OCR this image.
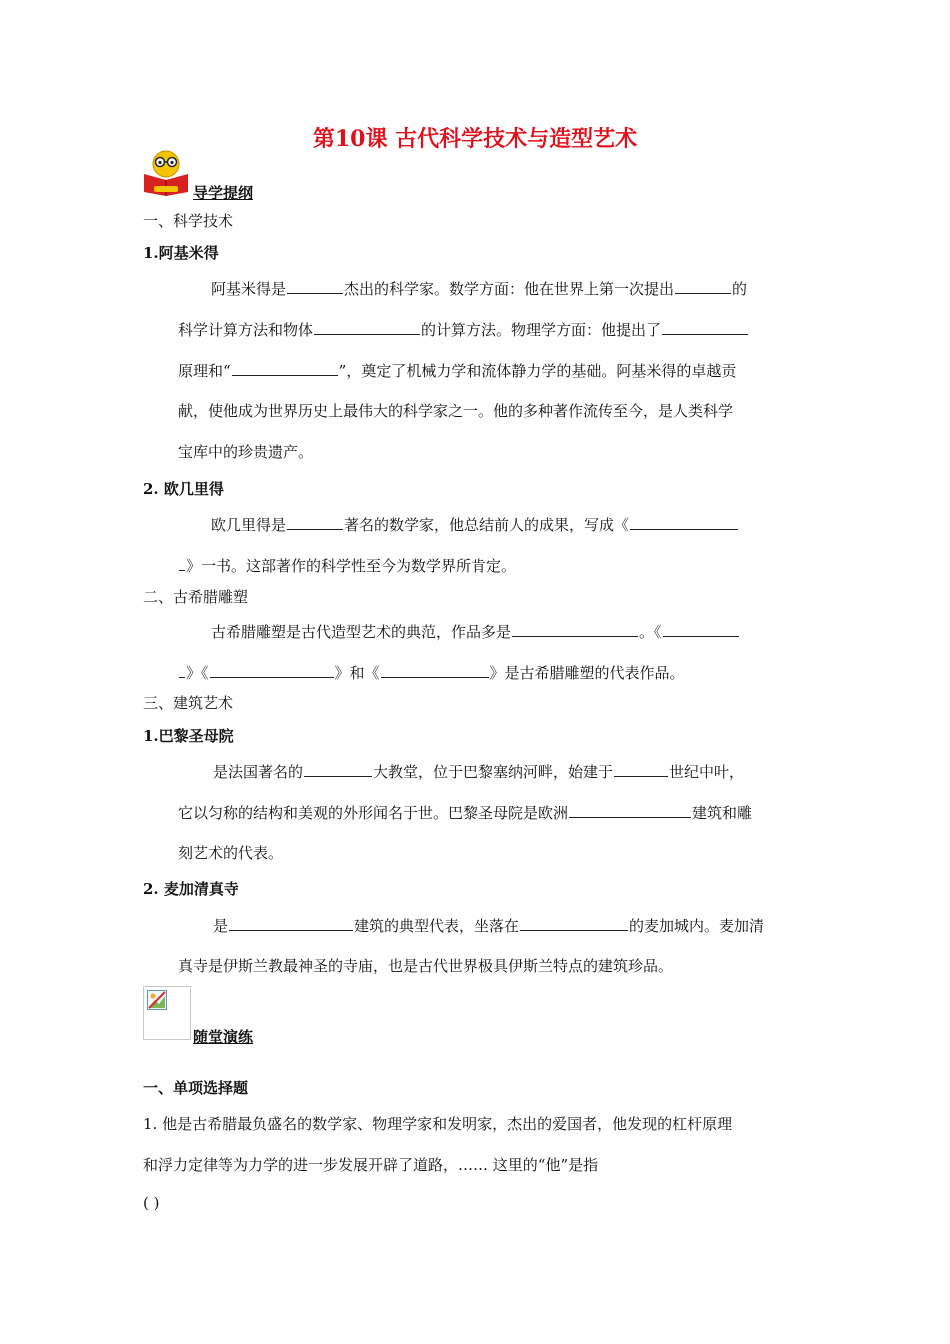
第10课 古代科学技术与造型艺术
导学提纲
一、科学技术
1.阿基米得
阿基米得是	杰出的科学家。数学方面：他在世界上第一次提出	的
科学计算方法和物体	的计算方法。物理学方面：他提出了
原理和“	”，奠定了机械力学和流体静力学的基础。阿基米得的卓越贡
献，使他成为世界历史上最伟大的科学家之一。他的多种著作流传至今，是人类科学
宝库中的珍贵遗产。
2. 欧几里得
欧几里得是	著名的数学家，他总结前人的成果，写成《
》一书。这部著作的科学性至今为数学界所肯定。
二、古希腊雕塑
古希腊雕塑是古代造型艺术的典范，作品多是	。《
》《	》和《	》是古希腊雕塑的代表作品。
三、建筑艺术
1.巴黎圣母院
是法国著名的	大教堂，位于巴黎塞纳河畔，始建于	世纪中叶，
它以匀称的结构和美观的外形闻名于世。巴黎圣母院是欧洲	建筑和雕
刻艺术的代表。
2. 麦加清真寺
是	建筑的典型代表，坐落在	的麦加城内。麦加清
真寺是伊斯兰教最神圣的寺庙，也是古代世界极具伊斯兰特点的建筑珍品。
随堂演练
一、单项选择题
1. 他是古希腊最负盛名的数学家、物理学家和发明家，杰出的爱国者，他发现的杠杆原理
和浮力定律等为力学的进一步发展开辟了道路，…… 这里的“他”是指
( )
